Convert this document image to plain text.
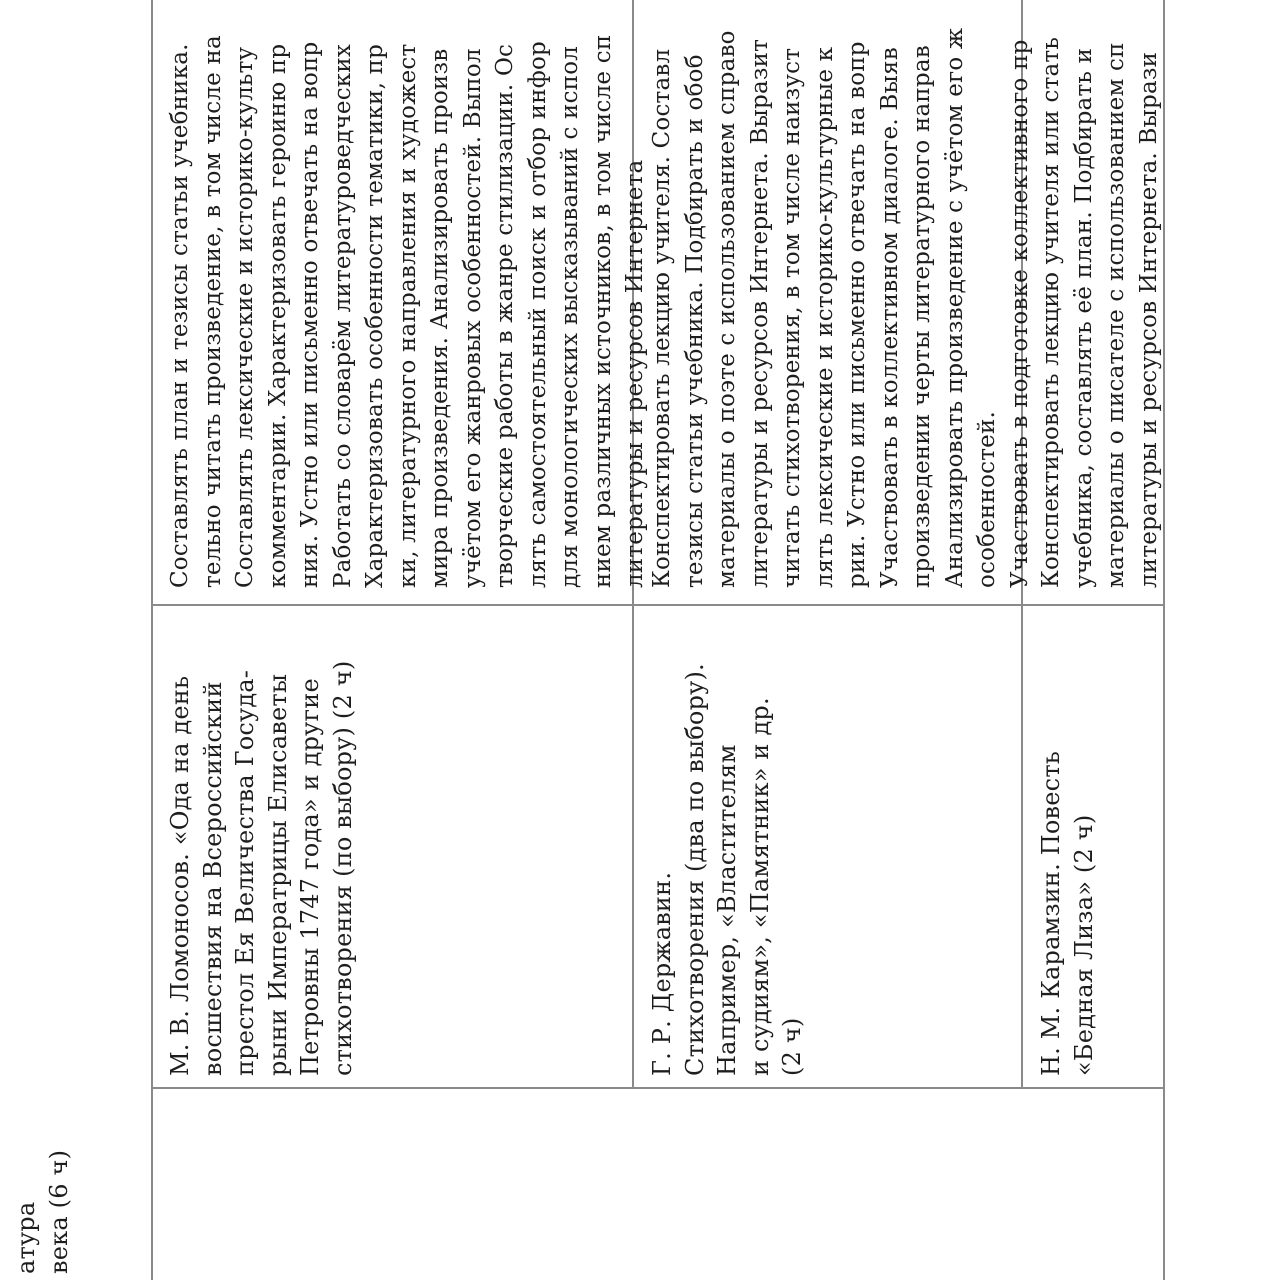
атура века (6 ч)

М. В. Ломоносов. «Ода на день восшествия на Всероссийский престол Ея Величества Госуда- рыни Императрицы Елисаветы Петровны 1747 года» и другие стихотворения (по выбору) (2 ч)

Составлять план и тезисы статьи учебника. тельно читать произведение, в том числе на Составлять лексические и историко-культу комментарии. Характеризовать героиню пр ния. Устно или письменно отвечать на вопр Работать со словарём литературоведческих Характеризовать особенности тематики, пр ки, литературного направления и художест мира произведения. Анализировать произв учётом его жанровых особенностей. Выпол творческие работы в жанре стилизации. Ос лять самостоятельный поиск и отбор инфор для монологических высказываний с испол нием различных источников, в том числе сп литературы и ресурсов Интернета

Г. Р. Державин. Стихотворения (два по выбору). Например, «Властителям и судиям», «Памятник» и др. (2 ч)

Конспектировать лекцию учителя. Составл тезисы статьи учебника. Подбирать и обоб материалы о поэте с использованием справо литературы и ресурсов Интернета. Выразит читать стихотворения, в том числе наизуст лять лексические и историко-культурные к рии. Устно или письменно отвечать на вопр Участвовать в коллективном диалоге. Выяв произведении черты литературного направ Анализировать произведение с учётом его ж особенностей. Участвовать в подготовке коллективного пр

Н. М. Карамзин. Повесть «Бедная Лиза» (2 ч)

Конспектировать лекцию учителя или стать учебника, составлять её план. Подбирать и материалы о писателе с использованием сп литературы и ресурсов Интернета. Вырази
